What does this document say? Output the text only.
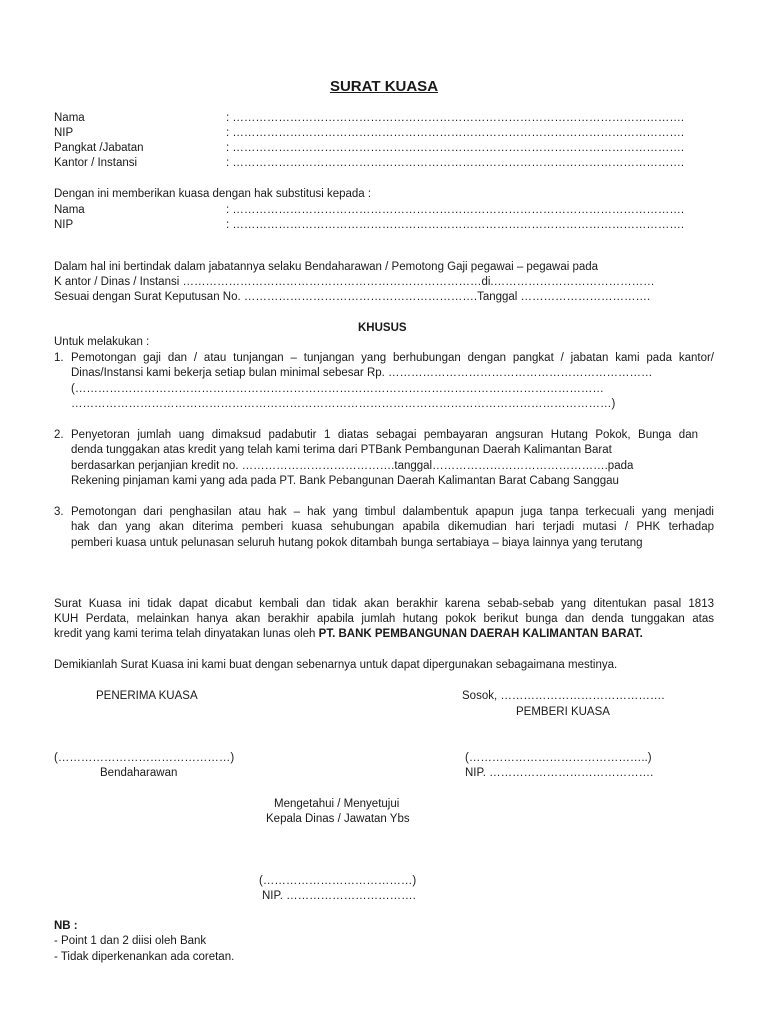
SURAT KUASA
Nama	: ……………………………………………………………………………………………………….
NIP	: ……………………………………………………………………………………………………….
Pangkat /Jabatan	: ……………………………………………………………………………………………………….
Kantor / Instansi	: ……………………………………………………………………………………………………….
Dengan ini memberikan kuasa dengan hak substitusi kepada :
Nama	: ……………………………………………………………………………………………………….
NIP	: ……………………………………………………………………………………………………….
Dalam hal ini bertindak dalam jabatannya selaku Bendaharawan / Pemotong Gaji pegawai – pegawai pada
K antor / Dinas / Instansi ……………………………………………………………………di.……………………………………
Sesuai dengan Surat Keputusan No. …………………………………………………….Tanggal …………………………….
KHUSUS
Untuk melakukan :
1. Pemotongan gaji dan / atau tunjangan – tunjangan yang berhubungan dengan pangkat / jabatan kami pada kantor/
Dinas/Instansi kami bekerja setiap bulan minimal sebesar Rp. ……………………………………………………………
(…………………………………………………………………………………………………………………………
……………………………………………………………………………………………………………………………)
2. Penyetoran jumlah uang dimaksud padabutir 1 diatas sebagai pembayaran angsuran Hutang Pokok, Bunga dan
denda tunggakan atas kredit yang telah kami terima dari PTBank Pembangunan Daerah Kalimantan Barat
berdasarkan perjanjian kredit no. ………………………………….tanggal……………………………………….pada
Rekening pinjaman kami yang ada pada PT. Bank Pebangunan Daerah Kalimantan Barat Cabang Sanggau
3. Pemotongan dari penghasilan atau hak – hak yang timbul dalambentuk apapun juga tanpa terkecuali yang menjadi
hak dan yang akan diterima pemberi kuasa sehubungan apabila dikemudian hari terjadi mutasi / PHK terhadap
pemberi kuasa untuk pelunasan seluruh hutang pokok ditambah bunga sertabiaya – biaya lainnya yang terutang
Surat Kuasa ini tidak dapat dicabut kembali dan tidak akan berakhir karena sebab-sebab yang ditentukan pasal 1813
KUH Perdata, melainkan hanya akan berakhir apabila jumlah hutang pokok berikut bunga dan denda tunggakan atas
kredit yang kami terima telah dinyatakan lunas oleh PT. BANK PEMBANGUNAN DAERAH KALIMANTAN BARAT.
Demikianlah Surat Kuasa ini kami buat dengan sebenarnya untuk dapat dipergunakan sebagaimana mestinya.
PENERIMA KUASA	Sosok, …………………………………….
PEMBERI KUASA
(………………………………………)
Bendaharawan
(………………………………………..)
NIP. …………………………………….
Mengetahui / Menyetujui
Kepala Dinas / Jawatan Ybs
(…………………………………)
NIP. …………………………….
NB :
- Point 1 dan 2 diisi oleh Bank
- Tidak diperkenankan ada coretan.
